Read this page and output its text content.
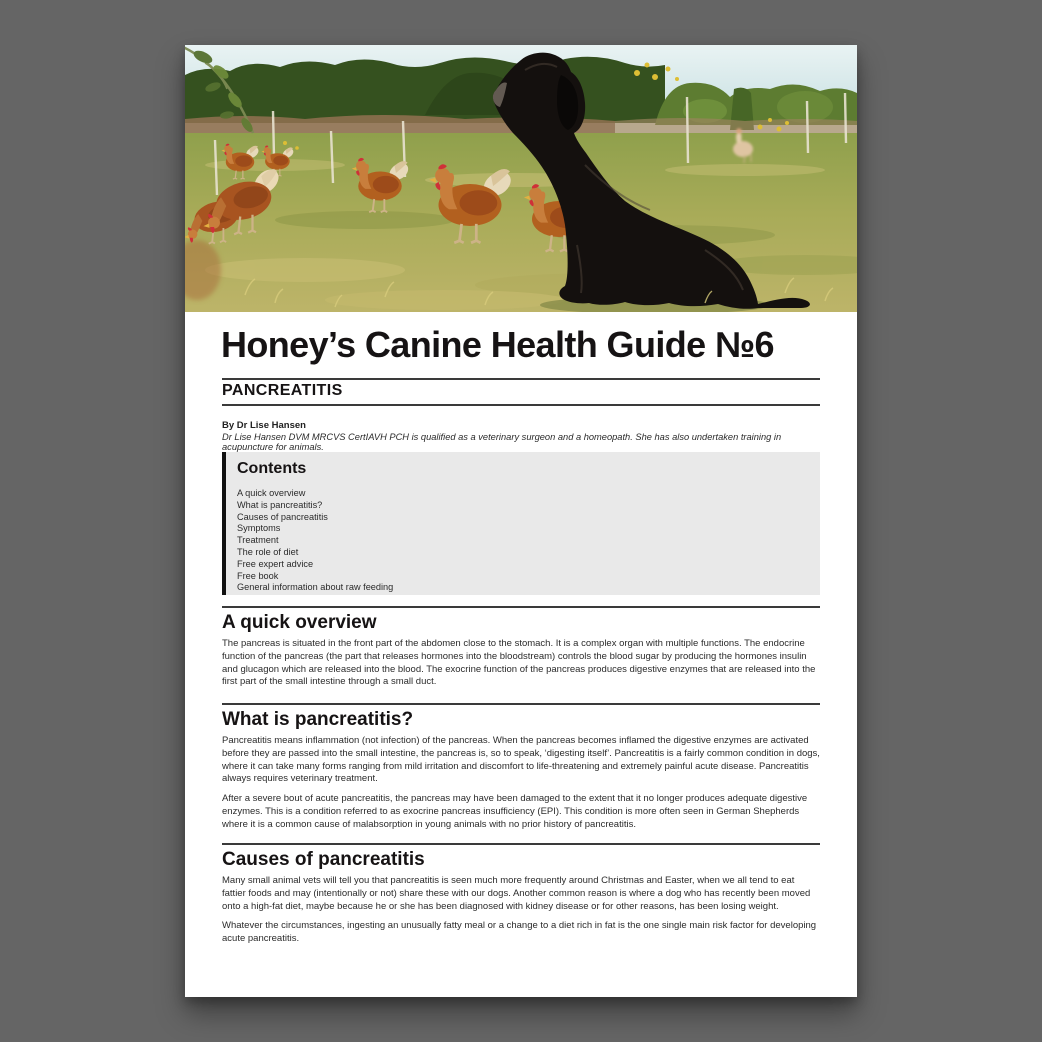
Honey’s Canine Health Guide №6
PANCREATITIS
By Dr Lise Hansen
Dr Lise Hansen DVM MRCVS CertIAVH PCH is qualified as a veterinary surgeon and a homeopath. She has also undertaken training in acupuncture for animals.
Contents
A quick overview
What is pancreatitis?
Causes of pancreatitis
Symptoms
Treatment
The role of diet
Free expert advice
Free book
General information about raw feeding
A quick overview

The pancreas is situated in the front part of the abdomen close to the stomach. It is a complex organ with multiple functions. The endocrine function of the pancreas (the part that releases hormones into the bloodstream) controls the blood sugar by producing the hormones insulin and glucagon which are released into the blood. The exocrine function of the pancreas produces digestive enzymes that are released into the first part of the small intestine through a small duct.

What is pancreatitis?

Pancreatitis means inflammation (not infection) of the pancreas. When the pancreas becomes inflamed the digestive enzymes are activated before they are passed into the small intestine, the pancreas is, so to speak, ‘digesting itself’. Pancreatitis is a fairly common condition in dogs, where it can take many forms ranging from mild irritation and discomfort to life-threatening and extremely painful acute disease. Pancreatitis always requires veterinary treatment.

After a severe bout of acute pancreatitis, the pancreas may have been damaged to the extent that it no longer produces adequate digestive enzymes. This is a condition referred to as exocrine pancreas insufficiency (EPI). This condition is more often seen in German Shepherds where it is a common cause of malabsorption in young animals with no prior history of pancreatitis.

Causes of pancreatitis

Many small animal vets will tell you that pancreatitis is seen much more frequently around Christmas and Easter, when we all tend to eat fattier foods and may (intentionally or not) share these with our dogs. Another common reason is where a dog who has recently been moved onto a high-fat diet, maybe because he or she has been diagnosed with kidney disease or for other reasons, has been losing weight.

Whatever the circumstances, ingesting an unusually fatty meal or a change to a diet rich in fat is the one single main risk factor for developing acute pancreatitis.
